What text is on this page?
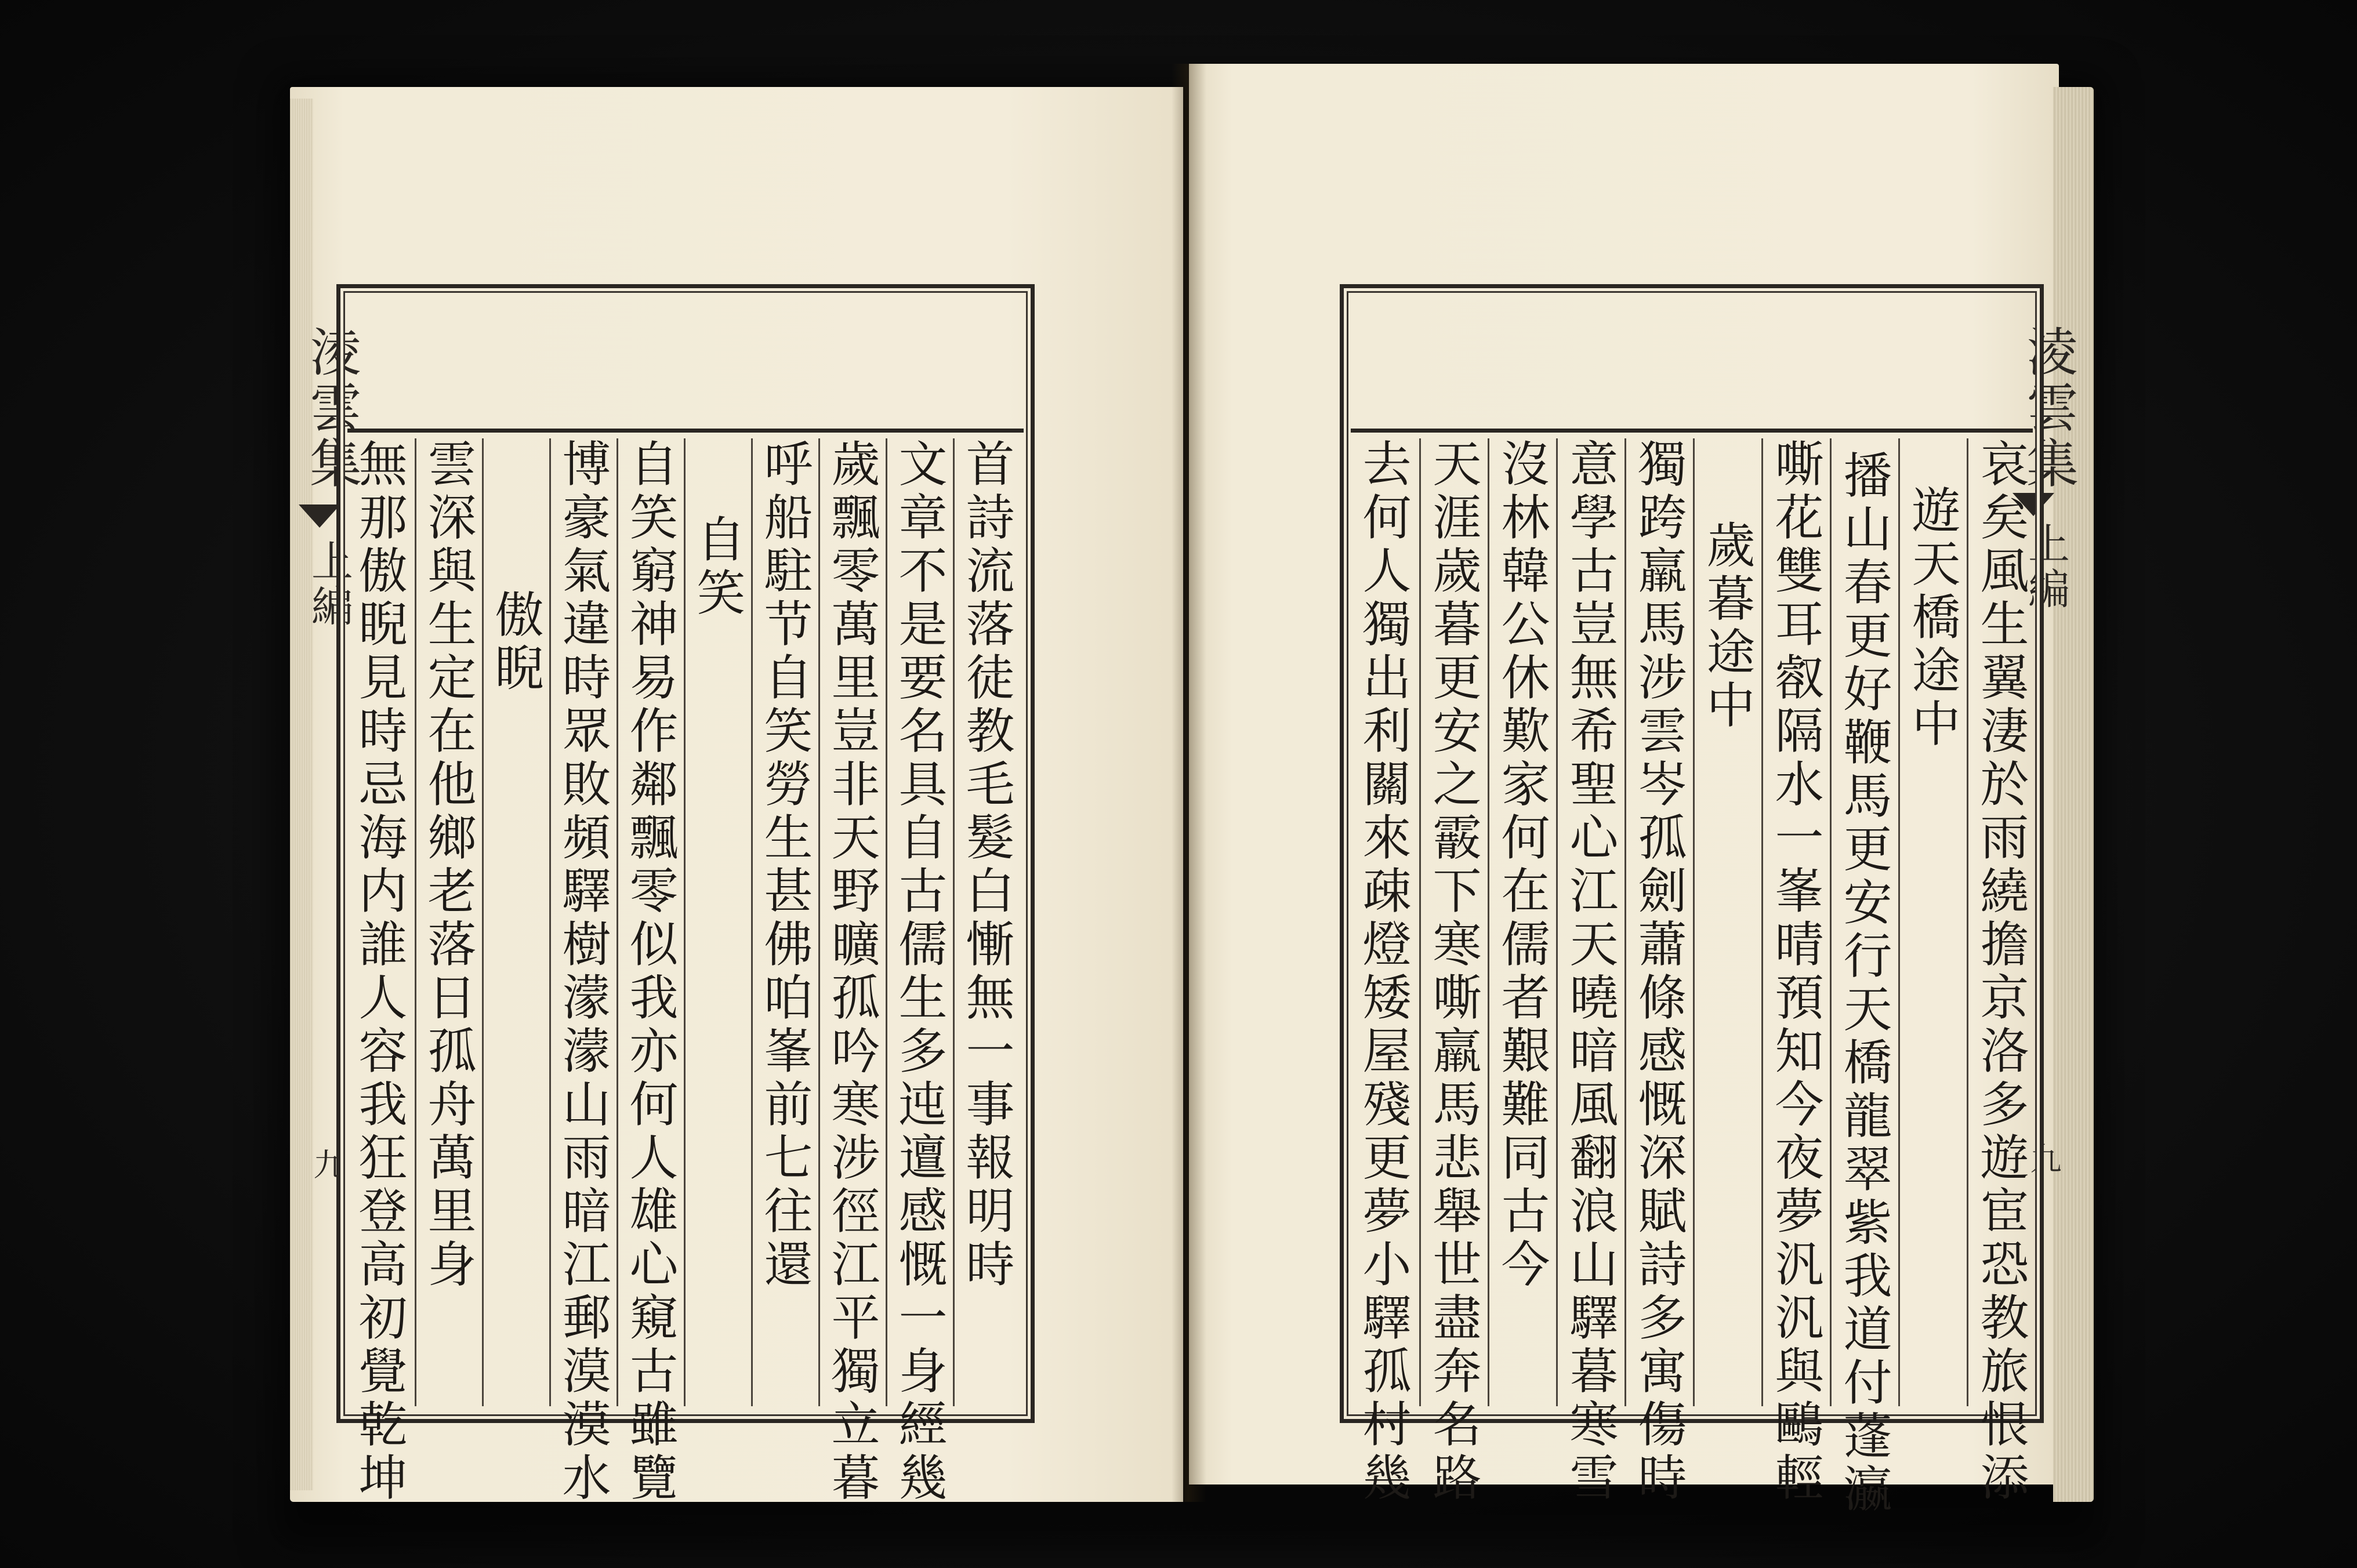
淩雲集
上編
九
淩雲集
上編
九
無那傲睨見時忌海内誰人容我狂登高初覺乾坤 雲深與生定在他鄉老落日孤舟萬里身 傲睨 博豪氣違時眾敗頻驛樹濛濛山雨暗江郵漠漠水 自笑窮神易作鄰飄零似我亦何人雄心窺古雖覽 自笑 呼船駐节自笑勞生甚佛㕷峯前七往還 歲飄零萬里豈非天野曠孤吟寒涉徑江平獨立暮 文章不是要名具自古儒生多迍邅感慨一身經幾 首詩流落徒教毛髮白慚無一事報明時	去何人獨出利關來疎燈矮屋殘更夢小驛孤村幾 天涯歲暮更安之霰下寒嘶羸馬悲舉世盡奔名路 沒林韓公休歎家何在儒者艱難同古今 意學古豈無希聖心江天曉暗風翻浪山驛暮寒雪 獨跨羸馬涉雲岑孤劍蕭條感慨深賦詩多寓傷時 歲暮途中 嘶花雙耳㕡隔水一峯晴預知今夜夢汎汎與鷗輕 播山春更好鞭馬更安行天橋龍翠紫我道付蓬瀛 遊天橋途中 哀矣風生翼淒於雨繞擔京洛多遊宦恐教旅恨添
